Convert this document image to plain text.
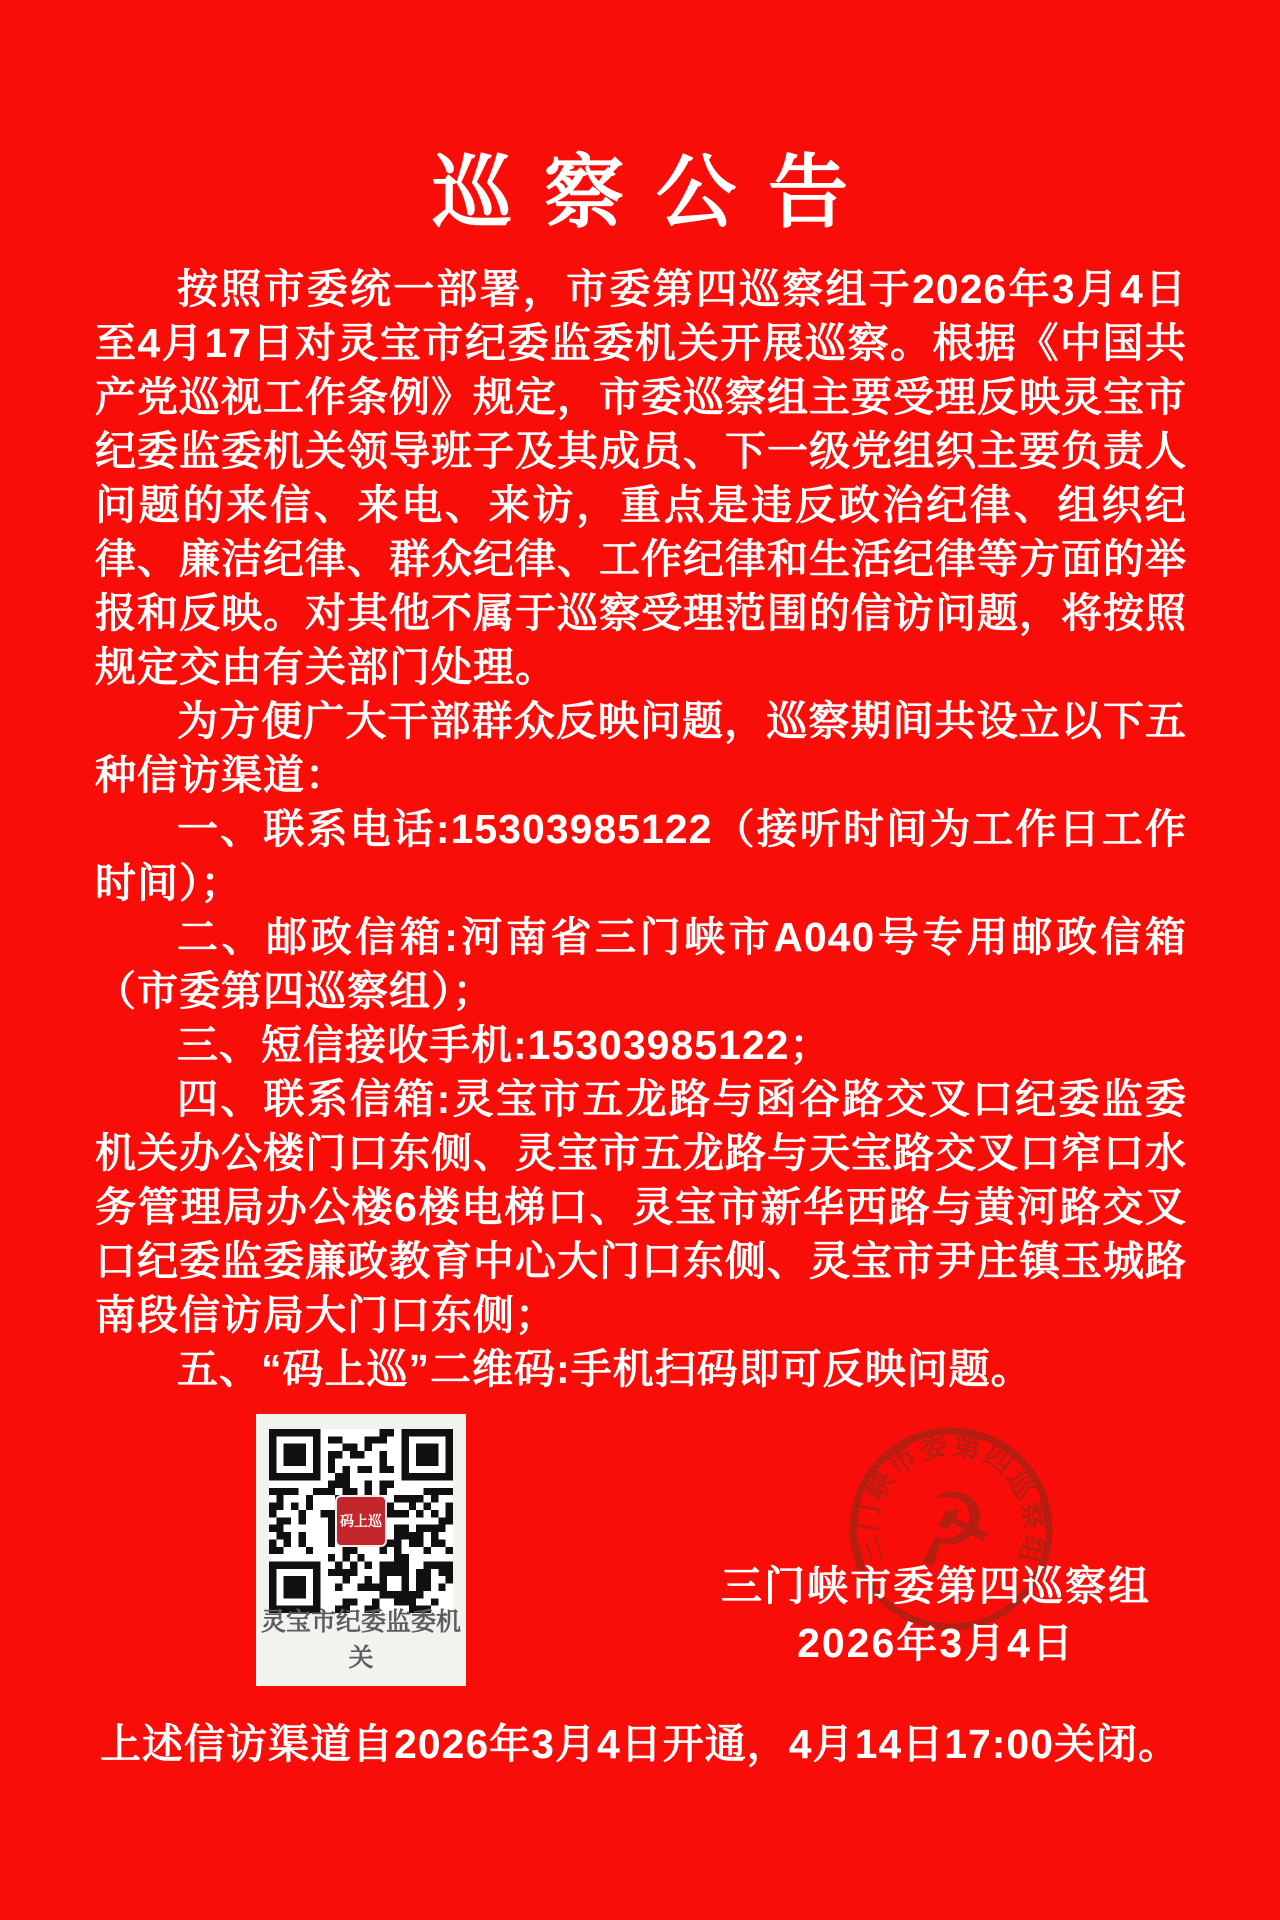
巡察公告

按照市委统一部署，市委第四巡察组于2026年3月4日至4月17日对灵宝市纪委监委机关开展巡察。根据《中国共产党巡视工作条例》规定，市委巡察组主要受理反映灵宝市纪委监委机关领导班子及其成员、下一级党组织主要负责人问题的来信、来电、来访，重点是违反政治纪律、组织纪律、廉洁纪律、群众纪律、工作纪律和生活纪律等方面的举报和反映。对其他不属于巡察受理范围的信访问题，将按照规定交由有关部门处理。

为方便广大干部群众反映问题，巡察期间共设立以下五种信访渠道：

一、联系电话:15303985122（接听时间为工作日工作时间）；

二、邮政信箱:河南省三门峡市A040号专用邮政信箱（市委第四巡察组）；

三、短信接收手机:15303985122；

四、联系信箱:灵宝市五龙路与函谷路交叉口纪委监委机关办公楼门口东侧、灵宝市五龙路与天宝路交叉口窄口水务管理局办公楼6楼电梯口、灵宝市新华西路与黄河路交叉口纪委监委廉政教育中心大门口东侧、灵宝市尹庄镇玉城路南段信访局大门口东侧；

五、“码上巡”二维码:手机扫码即可反映问题。

码上巡
灵宝市纪委监委机关
三门峡市委第四巡察组
☭
三门峡市委第四巡察组
2026年3月4日
上述信访渠道自2026年3月4日开通，4月14日17:00关闭。
